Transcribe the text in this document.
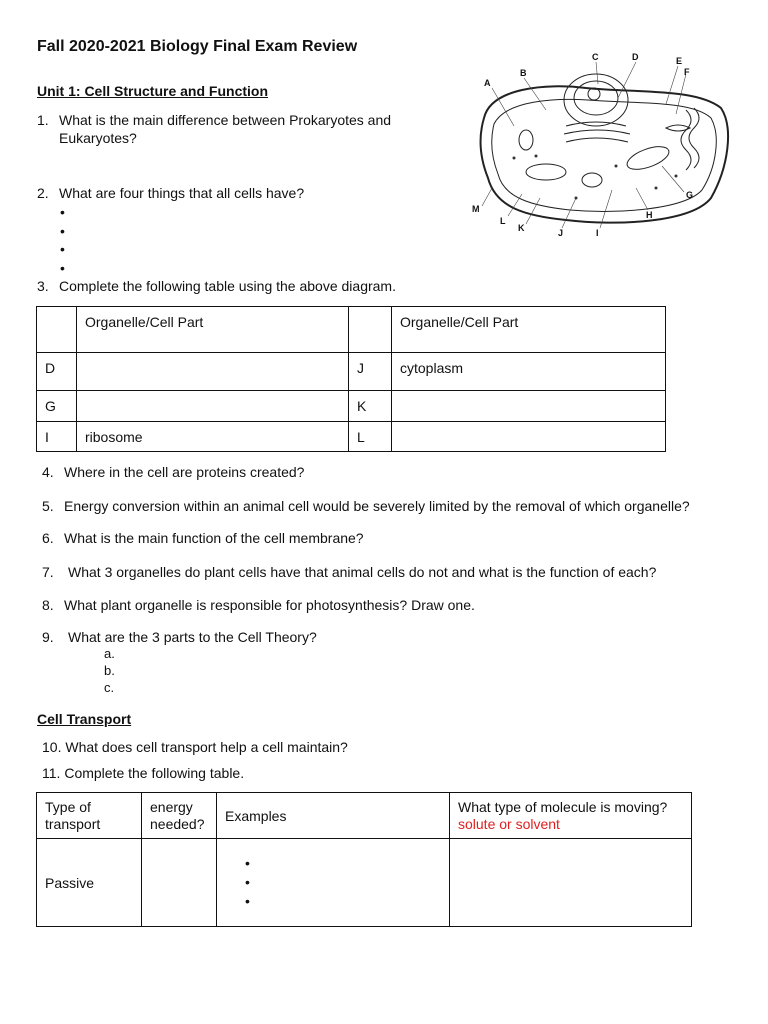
Fall 2020-2021 Biology Final Exam Review
Unit 1: Cell Structure and Function	A
B
C	D	E
F
G
H
I
J
K
L
M
1. What is the main difference between Prokaryotes and
Eukaryotes?
2. What are four things that all cells have?
•
•
•
•
3. Complete the following table using the above diagram.
	Organelle/Cell Part		Organelle/Cell Part
D		J	cytoplasm
G		K	
I	ribosome	L	
4. Where in the cell are proteins created?
5. Energy conversion within an animal cell would be severely limited by the removal of which organelle?
6. What is the main function of the cell membrane?
7. What 3 organelles do plant cells have that animal cells do not and what is the function of each?
8. What plant organelle is responsible for photosynthesis? Draw one.
9. What are the 3 parts to the Cell Theory?
a.
b.
c.
Cell Transport
10. What does cell transport help a cell maintain?
11. Complete the following table.
Type of transport	energy needed?	Examples	What type of molecule is moving?solute or solvent
Passive		•
•
•	
